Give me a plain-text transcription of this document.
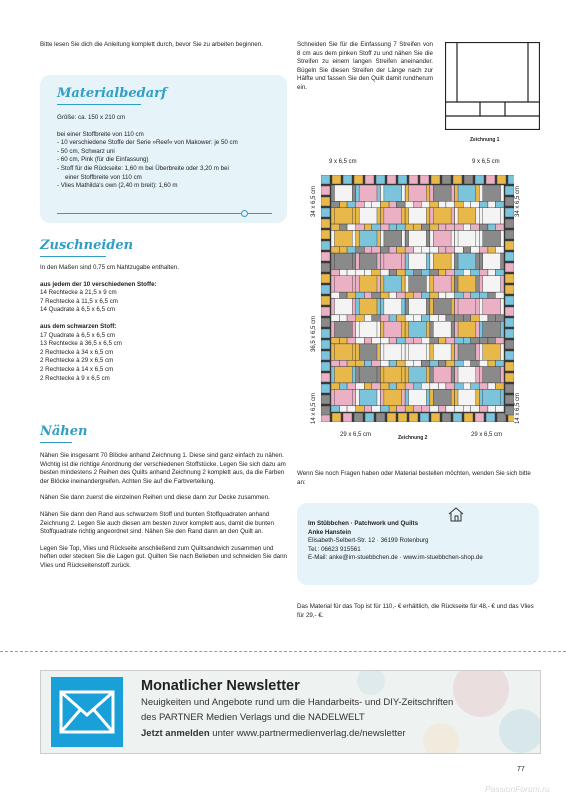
Bitte lesen Sie dich die Anleitung komplett durch, bevor Sie zu arbeiten beginnen.
Materialbedarf
Größe: ca. 150 x 210 cm
bei einer Stoffbreite von 110 cm
- 10 verschiedene Stoffe der Serie »Reef« von Makower: je 50 cm
- 50 cm, Schwarz uni
- 60 cm, Pink (für die Einfassung)
- Stoff für die Rückseite: 1,60 m bei Überbreite oder 3,20 m bei
einer Stoffbreite von 110 cm
- Vlies Mathilda's own (2,40 m breit): 1,60 m
Zuschneiden
In den Maßen sind 0,75 cm Nahtzugabe enthalten.
aus jedem der 10 verschiedenen Stoffe:
14 Rechtecke à 21,5 x 9 cm
7 Rechtecke à 11,5 x 6,5 cm
14 Quadrate à 6,5 x 6,5 cm
aus dem schwarzen Stoff:
17 Quadrate à 6,5 x 6,5 cm
13 Rechtecke à 36,5 x 6,5 cm
2 Rechtecke à 34 x 6,5 cm
2 Rechtecke à 29 x 6,5 cm
2 Rechtecke à 14 x 6,5 cm
2 Rechtecke à 9 x 6,5 cm
Nähen
Nähen Sie insgesamt 70 Blöcke anhand Zeichnung 1. Diese sind ganz einfach zu nähen. Wichtig ist die richtige Anordnung der verschiedenen Stoffstücke. Legen Sie sich dazu am besten mindestens 2 Reihen des Quilts anhand Zeichnung 2 komplett aus, da die Farben der Blöcke ineinandergreifen. Achten Sie auf die Farbverteilung.
Nähen Sie dann zuerst die einzelnen Reihen und diese dann zur Decke zusammen.
Nähen Sie dann den Rand aus schwarzem Stoff und bunten Stoffquadraten anhand Zeichnung 2. Legen Sie auch diesen am besten zuvor komplett aus, damit die bunten Stoffquadrate richtig angeordnet sind. Nähen Sie den Rand dann an den Quilt an.
Legen Sie Top, Vlies und Rückseite anschließend zum Quiltsandwich zusammen und heften oder stecken Sie die Lagen gut. Quilten Sie nach Belieben und schneiden Sie dann Vlies und Rückseitenstoff zurück.
Schneiden Sie für die Einfassung 7 Streifen von 8 cm aus dem pinken Stoff zu und nähen Sie die Streifen zu einem langen Streifen aneinander. Bügeln Sie diesen Streifen der Länge nach zur Hälfte und fassen Sie den Quilt damit rundherum ein.
Zeichnung 1
9 x 6,5 cm	9 x 6,5 cm
34 x 6,5 cm	34 x 6,5 cm
36,5 x 6,5 cm
14 x 6,5 cm	14 x 6,5 cm
29 x 6,5 cm	Zeichnung 2	29 x 6,5 cm
Wenn Sie noch Fragen haben oder Material bestellen möchten, wenden Sie sich bitte an:
Im Stübbchen · Patchwork und Quilts
Anke Hanstein
Elisabeth-Selbert-Str. 12 · 36199 Rotenburg
Tel.: 06623 915561
E-Mail: anke@im-stuebbchen.de · www.im-stuebbchen-shop.de
Das Material für das Top ist für 110,- € erhältlich, die Rückseite für 48,- € und das Vlies für 29,- €.
Monatlicher Newsletter
Neuigkeiten und Angebote rund um die Handarbeits- und DIY-Zeitschriften
des PARTNER Medien Verlags und die NADELWELT
Jetzt anmelden unter www.partnermedienverlag.de/newsletter
77
PassionForum.ru
